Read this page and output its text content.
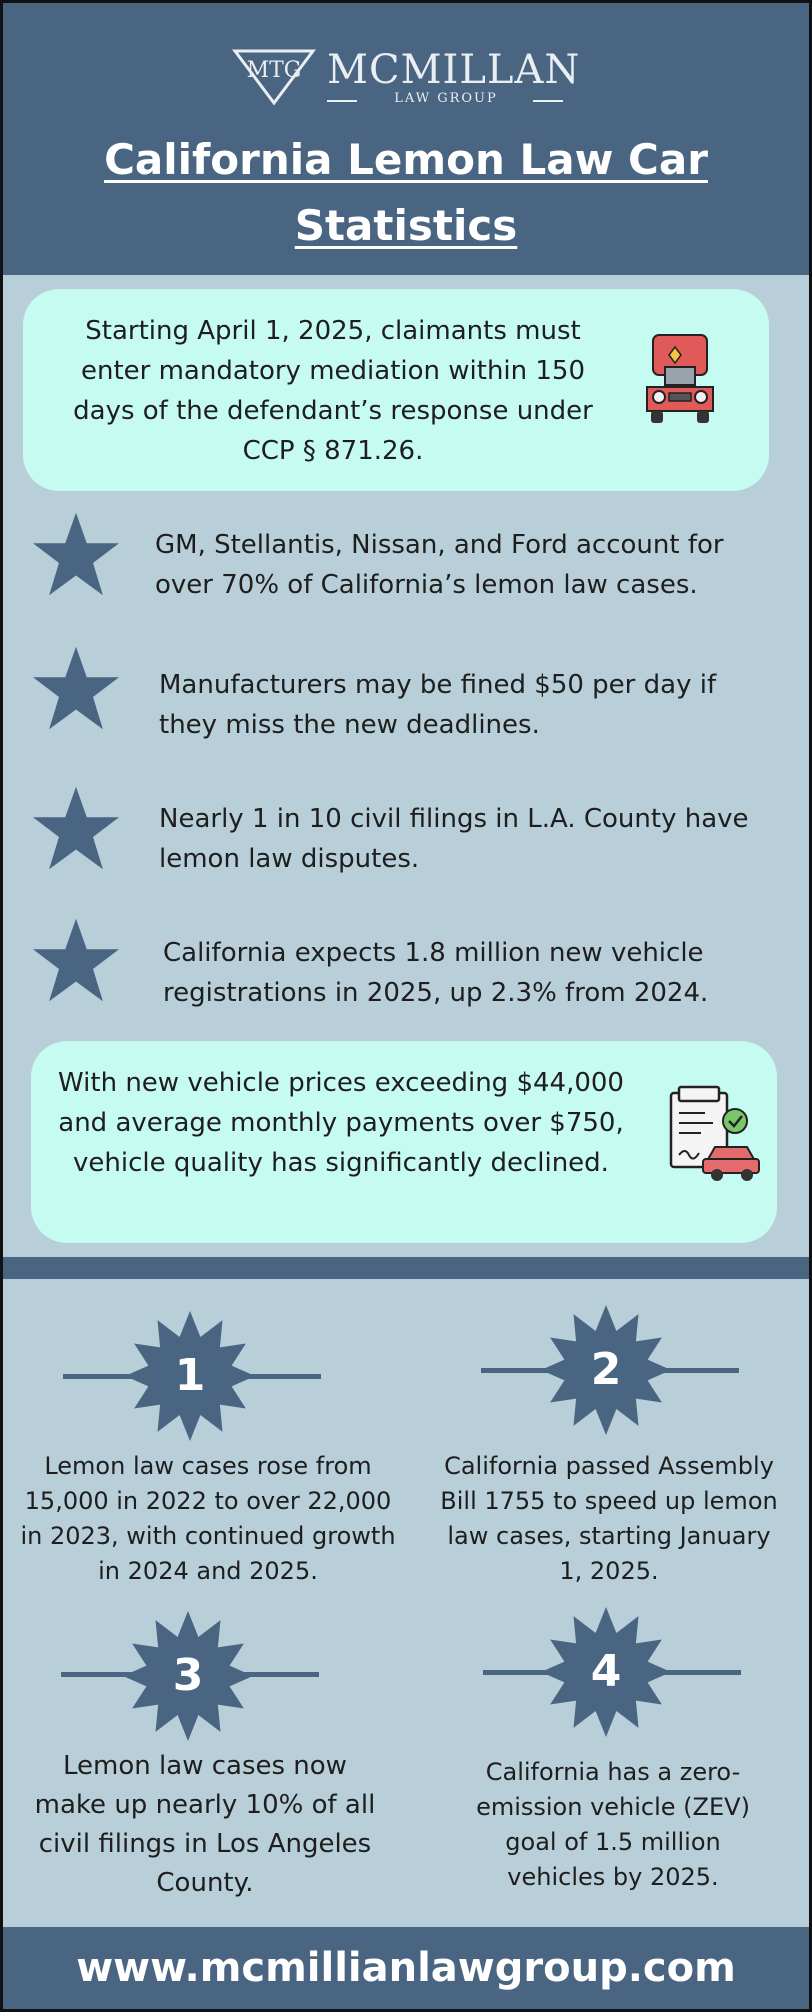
MTG MCMILLAN
LAW GROUP
California Lemon Law Car Statistics
Starting April 1, 2025, claimants must enter mandatory mediation within 150 days of the defendant’s response under CCP § 871.26.
GM, Stellantis, Nissan, and Ford account for over 70% of California’s lemon law cases.
Manufacturers may be fined $50 per day if they miss the new deadlines.
Nearly 1 in 10 civil filings in L.A. County have lemon law disputes.
California expects 1.8 million new vehicle registrations in 2025, up 2.3% from 2024.
With new vehicle prices exceeding $44,000 and average monthly payments over $750, vehicle quality has significantly declined.
1
Lemon law cases rose from 15,000 in 2022 to over 22,000 in 2023, with continued growth in 2024 and 2025.
2
California passed Assembly Bill 1755 to speed up lemon law cases, starting January 1, 2025.
3
Lemon law cases now make up nearly 10% of all civil filings in Los Angeles County.
4
California has a zero-emission vehicle (ZEV) goal of 1.5 million vehicles by 2025.
www.mcmillianlawgroup.com
